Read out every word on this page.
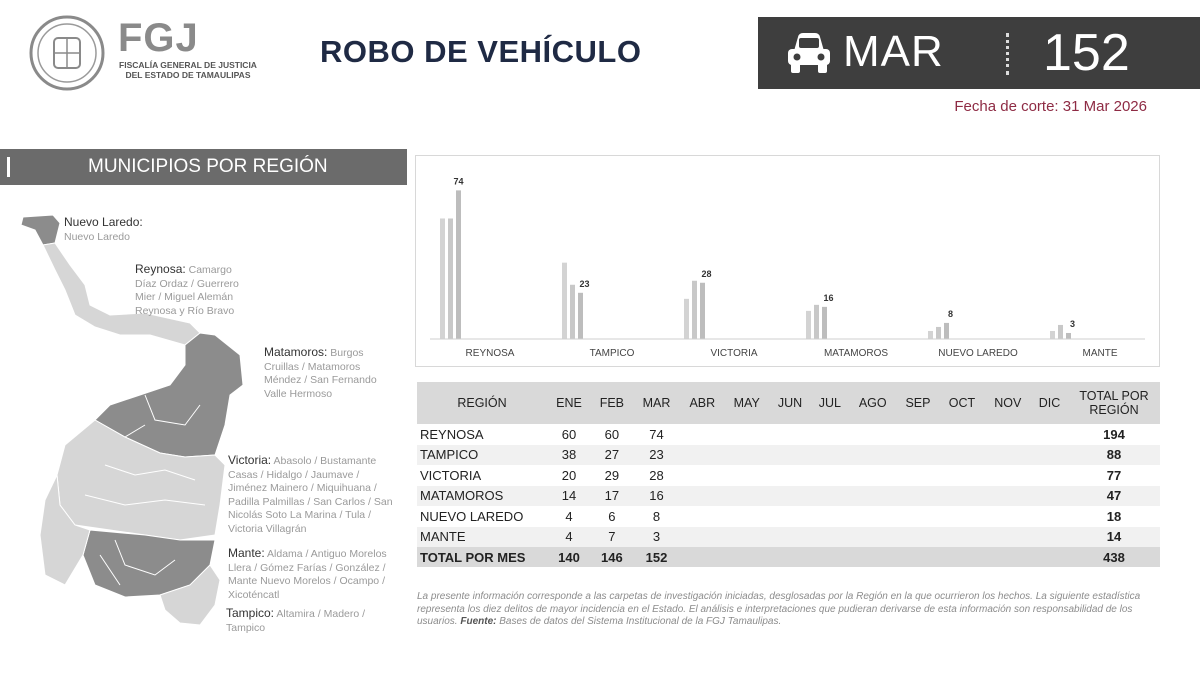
FGJ
FISCALÍA GENERAL DE JUSTICIA DEL ESTADO DE TAMAULIPAS
ROBO DE VEHÍCULO	MAR 152
Fecha de corte: 31 Mar 2026
MUNICIPIOS POR REGIÓN
Nuevo Laredo:
Nuevo Laredo
Reynosa: Camargo Díaz Ordaz / Guerrero Mier / Miguel Alemán Reynosa y Río Bravo
Matamoros: Burgos Cruillas / Matamoros Méndez / San Fernando Valle Hermoso
Victoria: Abasolo / Bustamante Casas / Hidalgo / Jaumave / Jiménez Mainero / Miquihuana / Padilla Palmillas / San Carlos / San Nicolás Soto La Marina / Tula / Victoria Villagrán
Mante: Aldama / Antiguo Morelos Llera / Gómez Farías / González / Mante Nuevo Morelos / Ocampo / Xicoténcatl
Tampico: Altamira / Madero / Tampico
74
REYNOSA
23
TAMPICO
28
VICTORIA
16
MATAMOROS
8
NUEVO LAREDO
3
MANTE
REGIÓN	ENE	FEB	MAR	ABR	MAY	JUN	JUL	AGO	SEP	OCT	NOV	DIC	TOTAL POR REGIÓN
REYNOSA	60	60	74										194
TAMPICO	38	27	23										88
VICTORIA	20	29	28										77
MATAMOROS	14	17	16										47
NUEVO LAREDO	4	6	8										18
MANTE	4	7	3										14
TOTAL POR MES	140	146	152										438
La presente información corresponde a las carpetas de investigación iniciadas, desglosadas por la Región en la que ocurrieron los hechos. La siguiente estadística representa los diez delitos de mayor incidencia en el Estado. El análisis e interpretaciones que pudieran derivarse de esta información son responsabilidad de los usuarios. Fuente: Bases de datos del Sistema Institucional de la FGJ Tamaulipas.
